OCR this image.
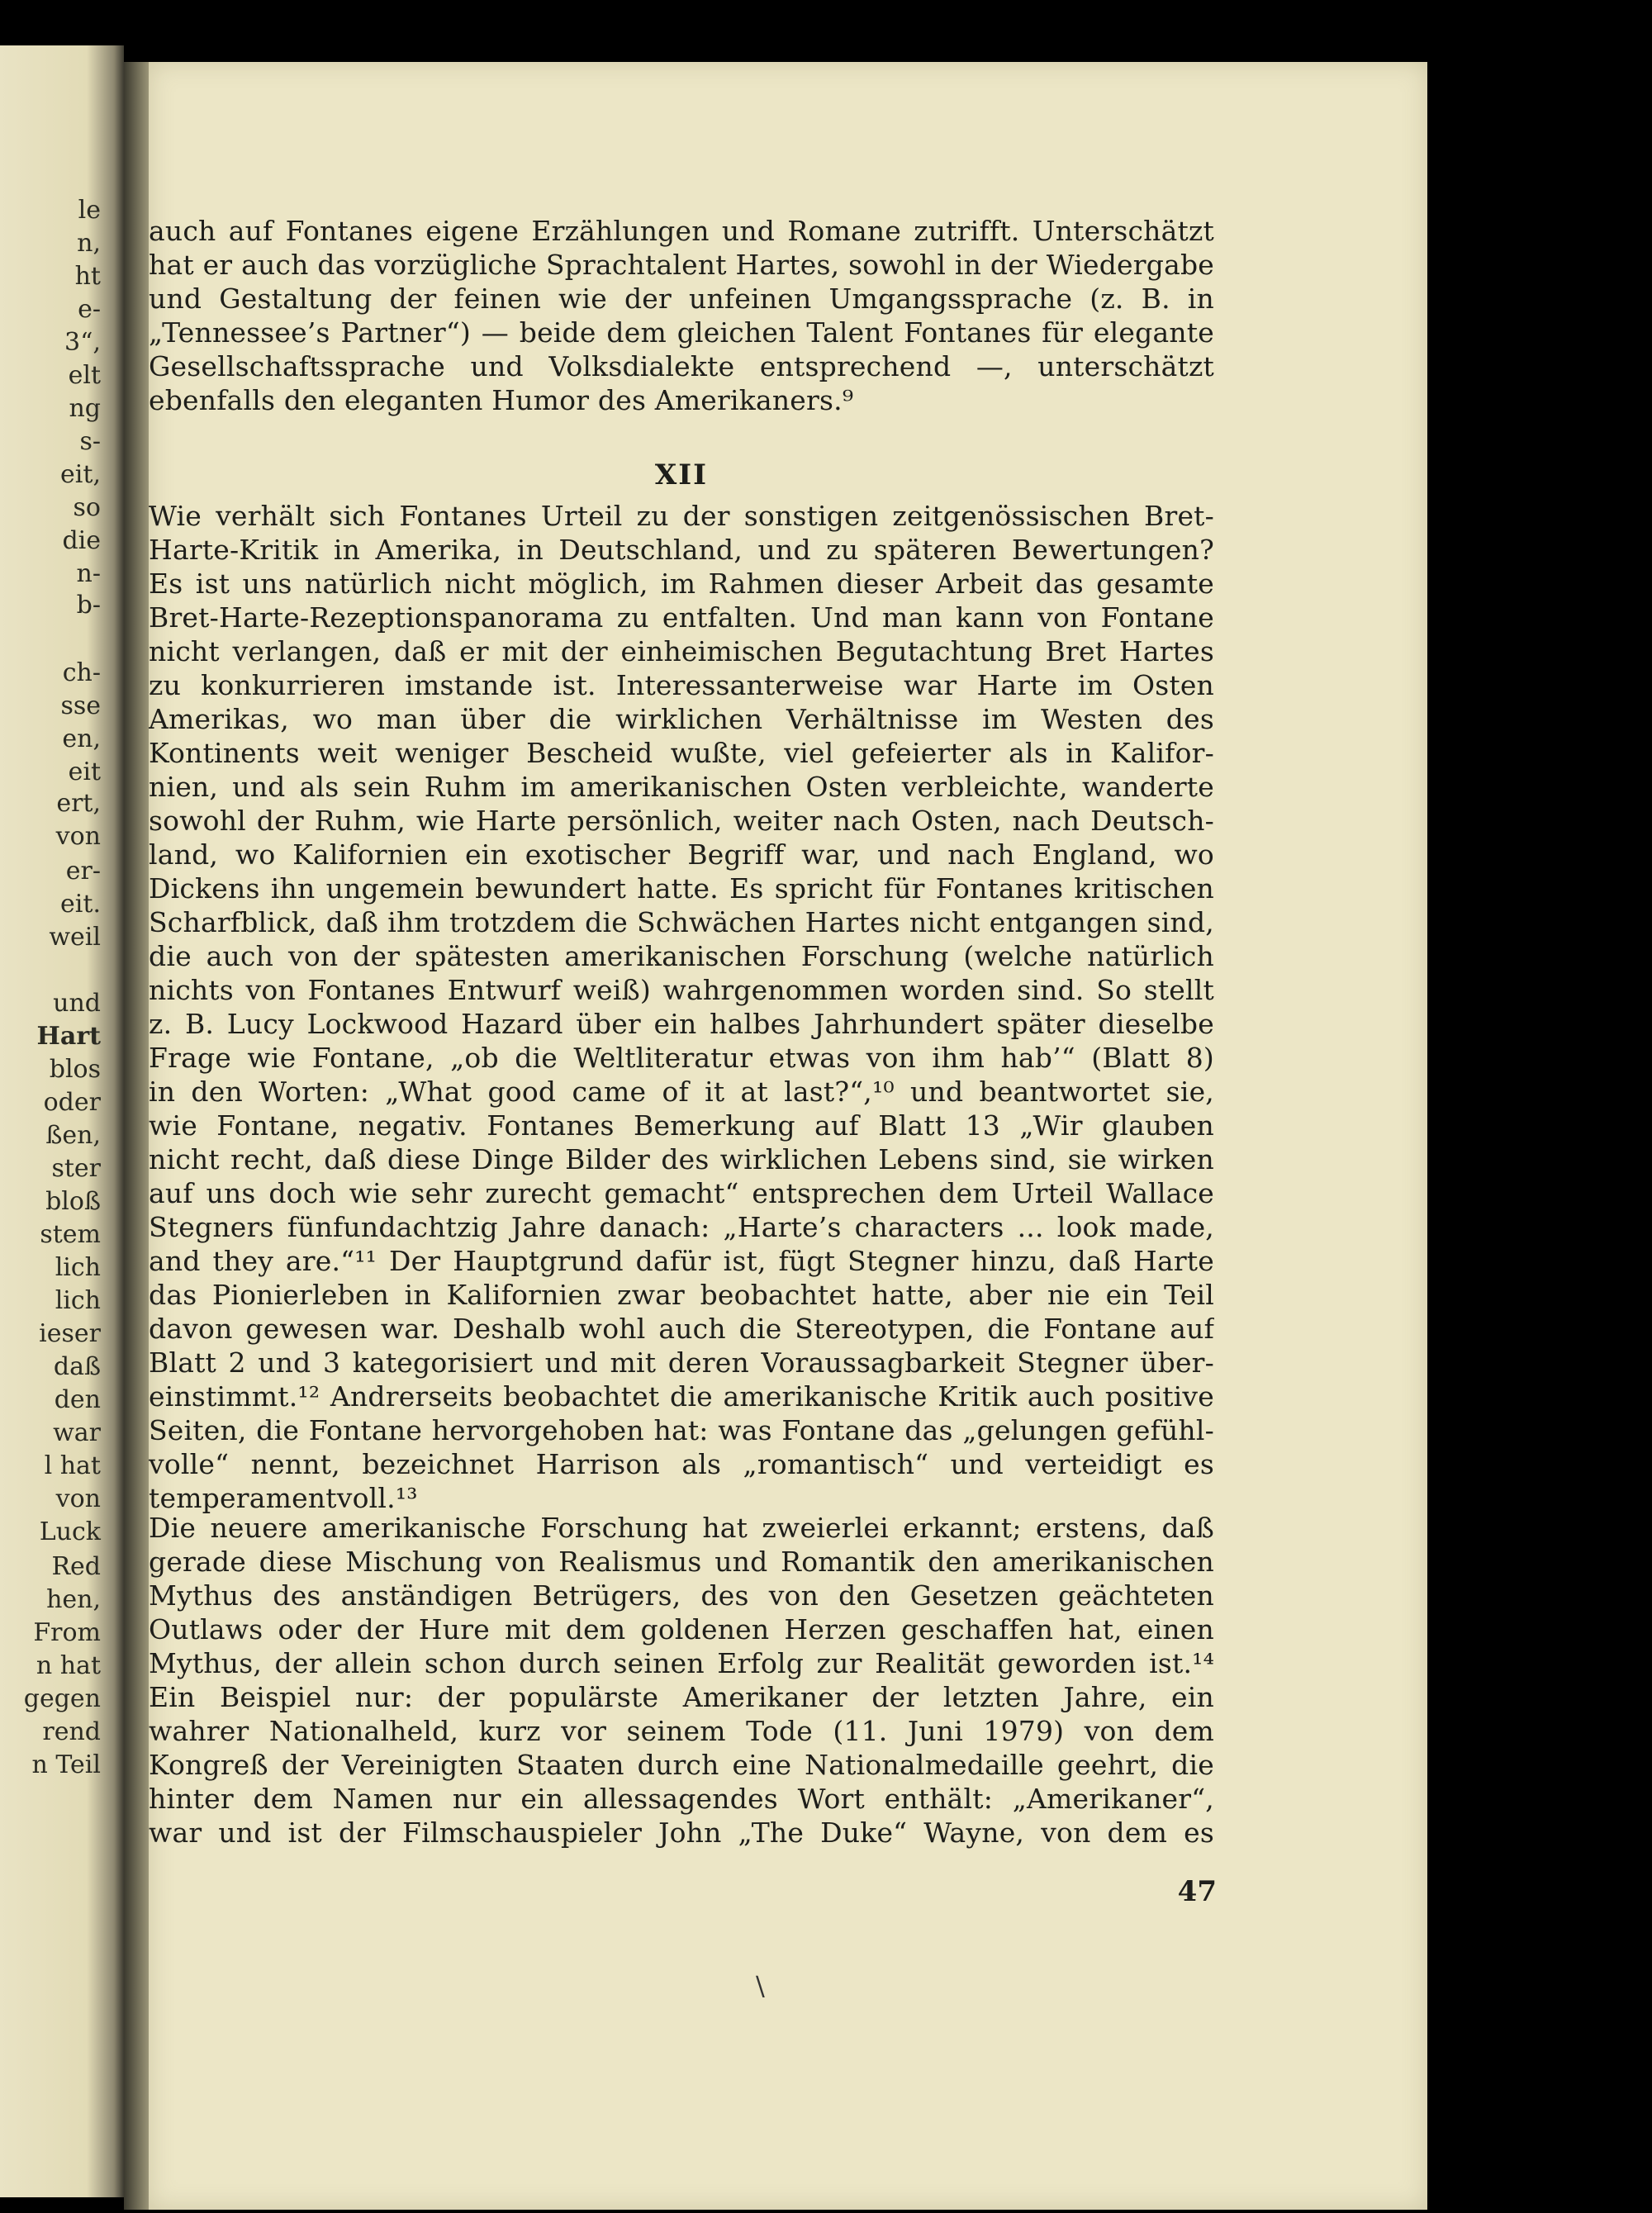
le
n,
ht
e-
3“,
elt
ng
s-
eit,
so
die
n-
b-
ch-
sse
en,
eit
ert,
von
er-
eit.
weil
und
Hart
blos
oder
ßen,
ster
bloß
stem
lich
lich
ieser
daß
den
war
l hat
von
Luck
Red
hen,
From
n hat
gegen
rend
n Teil
auch auf Fontanes eigene Erzählungen und Romane zutrifft. Unterschätzt
hat er auch das vorzügliche Sprachtalent Hartes, sowohl in der Wiedergabe
und Gestaltung der feinen wie der unfeinen Umgangssprache (z. B. in
„Tennessee’s Partner“) — beide dem gleichen Talent Fontanes für elegante
Gesellschaftssprache und Volksdialekte entsprechend —, unterschätzt
ebenfalls den eleganten Humor des Amerikaners.⁹
XII
Wie verhält sich Fontanes Urteil zu der sonstigen zeitgenössischen Bret-
Harte-Kritik in Amerika, in Deutschland, und zu späteren Bewertungen?
Es ist uns natürlich nicht möglich, im Rahmen dieser Arbeit das gesamte
Bret-Harte-Rezeptionspanorama zu entfalten. Und man kann von Fontane
nicht verlangen, daß er mit der einheimischen Begutachtung Bret Hartes
zu konkurrieren imstande ist. Interessanterweise war Harte im Osten
Amerikas, wo man über die wirklichen Verhältnisse im Westen des
Kontinents weit weniger Bescheid wußte, viel gefeierter als in Kalifor-
nien, und als sein Ruhm im amerikanischen Osten verbleichte, wanderte
sowohl der Ruhm, wie Harte persönlich, weiter nach Osten, nach Deutsch-
land, wo Kalifornien ein exotischer Begriff war, und nach England, wo
Dickens ihn ungemein bewundert hatte. Es spricht für Fontanes kritischen
Scharfblick, daß ihm trotzdem die Schwächen Hartes nicht entgangen sind,
die auch von der spätesten amerikanischen Forschung (welche natürlich
nichts von Fontanes Entwurf weiß) wahrgenommen worden sind. So stellt
z. B. Lucy Lockwood Hazard über ein halbes Jahrhundert später dieselbe
Frage wie Fontane, „ob die Weltliteratur etwas von ihm hab’“ (Blatt 8)
in den Worten: „What good came of it at last?“,¹⁰ und beantwortet sie,
wie Fontane, negativ. Fontanes Bemerkung auf Blatt 13 „Wir glauben
nicht recht, daß diese Dinge Bilder des wirklichen Lebens sind, sie wirken
auf uns doch wie sehr zurecht gemacht“ entsprechen dem Urteil Wallace
Stegners fünfundachtzig Jahre danach: „Harte’s characters ... look made,
and they are.“¹¹ Der Hauptgrund dafür ist, fügt Stegner hinzu, daß Harte
das Pionierleben in Kalifornien zwar beobachtet hatte, aber nie ein Teil
davon gewesen war. Deshalb wohl auch die Stereotypen, die Fontane auf
Blatt 2 und 3 kategorisiert und mit deren Voraussagbarkeit Stegner über-
einstimmt.¹² Andrerseits beobachtet die amerikanische Kritik auch positive
Seiten, die Fontane hervorgehoben hat: was Fontane das „gelungen gefühl-
volle“ nennt, bezeichnet Harrison als „romantisch“ und verteidigt es
temperamentvoll.¹³
Die neuere amerikanische Forschung hat zweierlei erkannt; erstens, daß
gerade diese Mischung von Realismus und Romantik den amerikanischen
Mythus des anständigen Betrügers, des von den Gesetzen geächteten
Outlaws oder der Hure mit dem goldenen Herzen geschaffen hat, einen
Mythus, der allein schon durch seinen Erfolg zur Realität geworden ist.¹⁴
Ein Beispiel nur: der populärste Amerikaner der letzten Jahre, ein
wahrer Nationalheld, kurz vor seinem Tode (11. Juni 1979) von dem
Kongreß der Vereinigten Staaten durch eine Nationalmedaille geehrt, die
hinter dem Namen nur ein allessagendes Wort enthält: „Amerikaner“,
war und ist der Filmschauspieler John „The Duke“ Wayne, von dem es
47
\
